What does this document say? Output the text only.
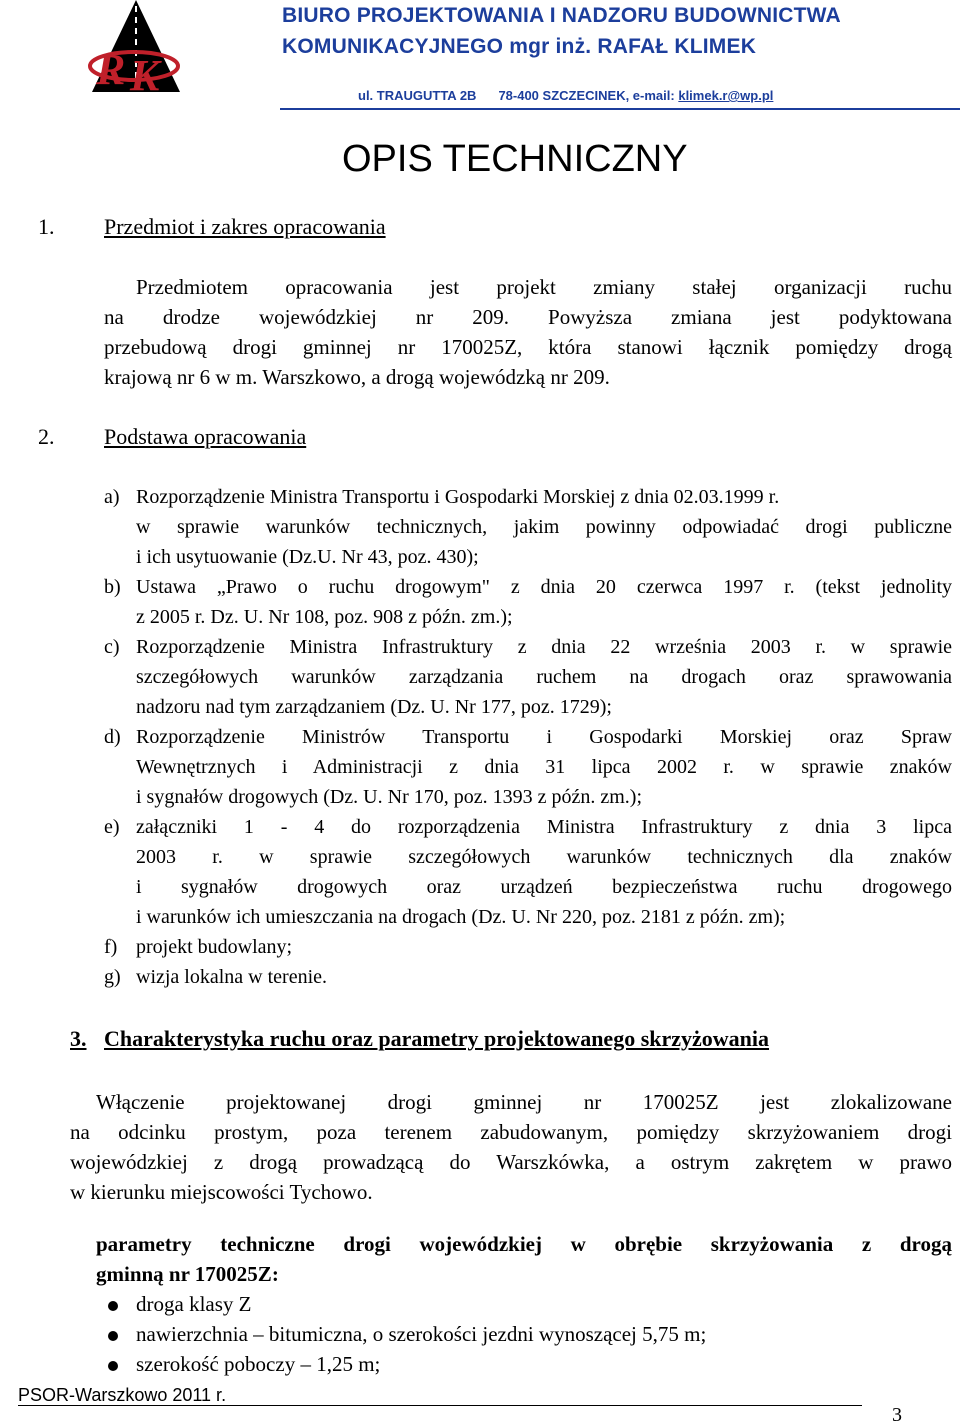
R K
BIURO PROJEKTOWANIA I NADZORU BUDOWNICTWA
KOMUNIKACYJNEGO mgr inż. RAFAŁ KLIMEK
ul. TRAUGUTTA 2B 78-400 SZCZECINEK, e-mail: klimek.r@wp.pl
OPIS TECHNICZNY
1. Przedmiot i zakres opracowania
Przedmiotem opracowania jest projekt zmiany stałej organizacji ruchu
na drodze wojewódzkiej nr 209. Powyższa zmiana jest podyktowana
przebudową drogi gminnej nr 170025Z, która stanowi łącznik pomiędzy drogą
krajową nr 6 w m. Warszkowo, a drogą wojewódzką nr 209.
2. Podstawa opracowania
a) Rozporządzenie Ministra Transportu i Gospodarki Morskiej z dnia 02.03.1999 r.
w sprawie warunków technicznych, jakim powinny odpowiadać drogi publiczne
i ich usytuowanie (Dz.U. Nr 43, poz. 430);
b) Ustawa „Prawo o ruchu drogowym" z dnia 20 czerwca 1997 r. (tekst jednolity
z 2005 r. Dz. U. Nr 108, poz. 908 z późn. zm.);
c) Rozporządzenie Ministra Infrastruktury z dnia 22 września 2003 r. w sprawie
szczegółowych warunków zarządzania ruchem na drogach oraz sprawowania
nadzoru nad tym zarządzaniem (Dz. U. Nr 177, poz. 1729);
d) Rozporządzenie Ministrów Transportu i Gospodarki Morskiej oraz Spraw
Wewnętrznych i Administracji z dnia 31 lipca 2002 r. w sprawie znaków
i sygnałów drogowych (Dz. U. Nr 170, poz. 1393 z późn. zm.);
e) załączniki 1 - 4 do rozporządzenia Ministra Infrastruktury z dnia 3 lipca
2003 r. w sprawie szczegółowych warunków technicznych dla znaków
i sygnałów drogowych oraz urządzeń bezpieczeństwa ruchu drogowego
i warunków ich umieszczania na drogach (Dz. U. Nr 220, poz. 2181 z późn. zm);
f) projekt budowlany;
g) wizja lokalna w terenie.
3. Charakterystyka ruchu oraz parametry projektowanego skrzyżowania
Włączenie projektowanej drogi gminnej nr 170025Z jest zlokalizowane
na odcinku prostym, poza terenem zabudowanym, pomiędzy skrzyżowaniem drogi
wojewódzkiej z drogą prowadzącą do Warszkówka, a ostrym zakrętem w prawo
w kierunku miejscowości Tychowo.
parametry techniczne drogi wojewódzkiej w obrębie skrzyżowania z drogą
gminną nr 170025Z:
droga klasy Z
nawierzchnia – bitumiczna, o szerokości jezdni wynoszącej 5,75 m;
szerokość poboczy – 1,25 m;
PSOR-Warszkowo 2011 r.
3
